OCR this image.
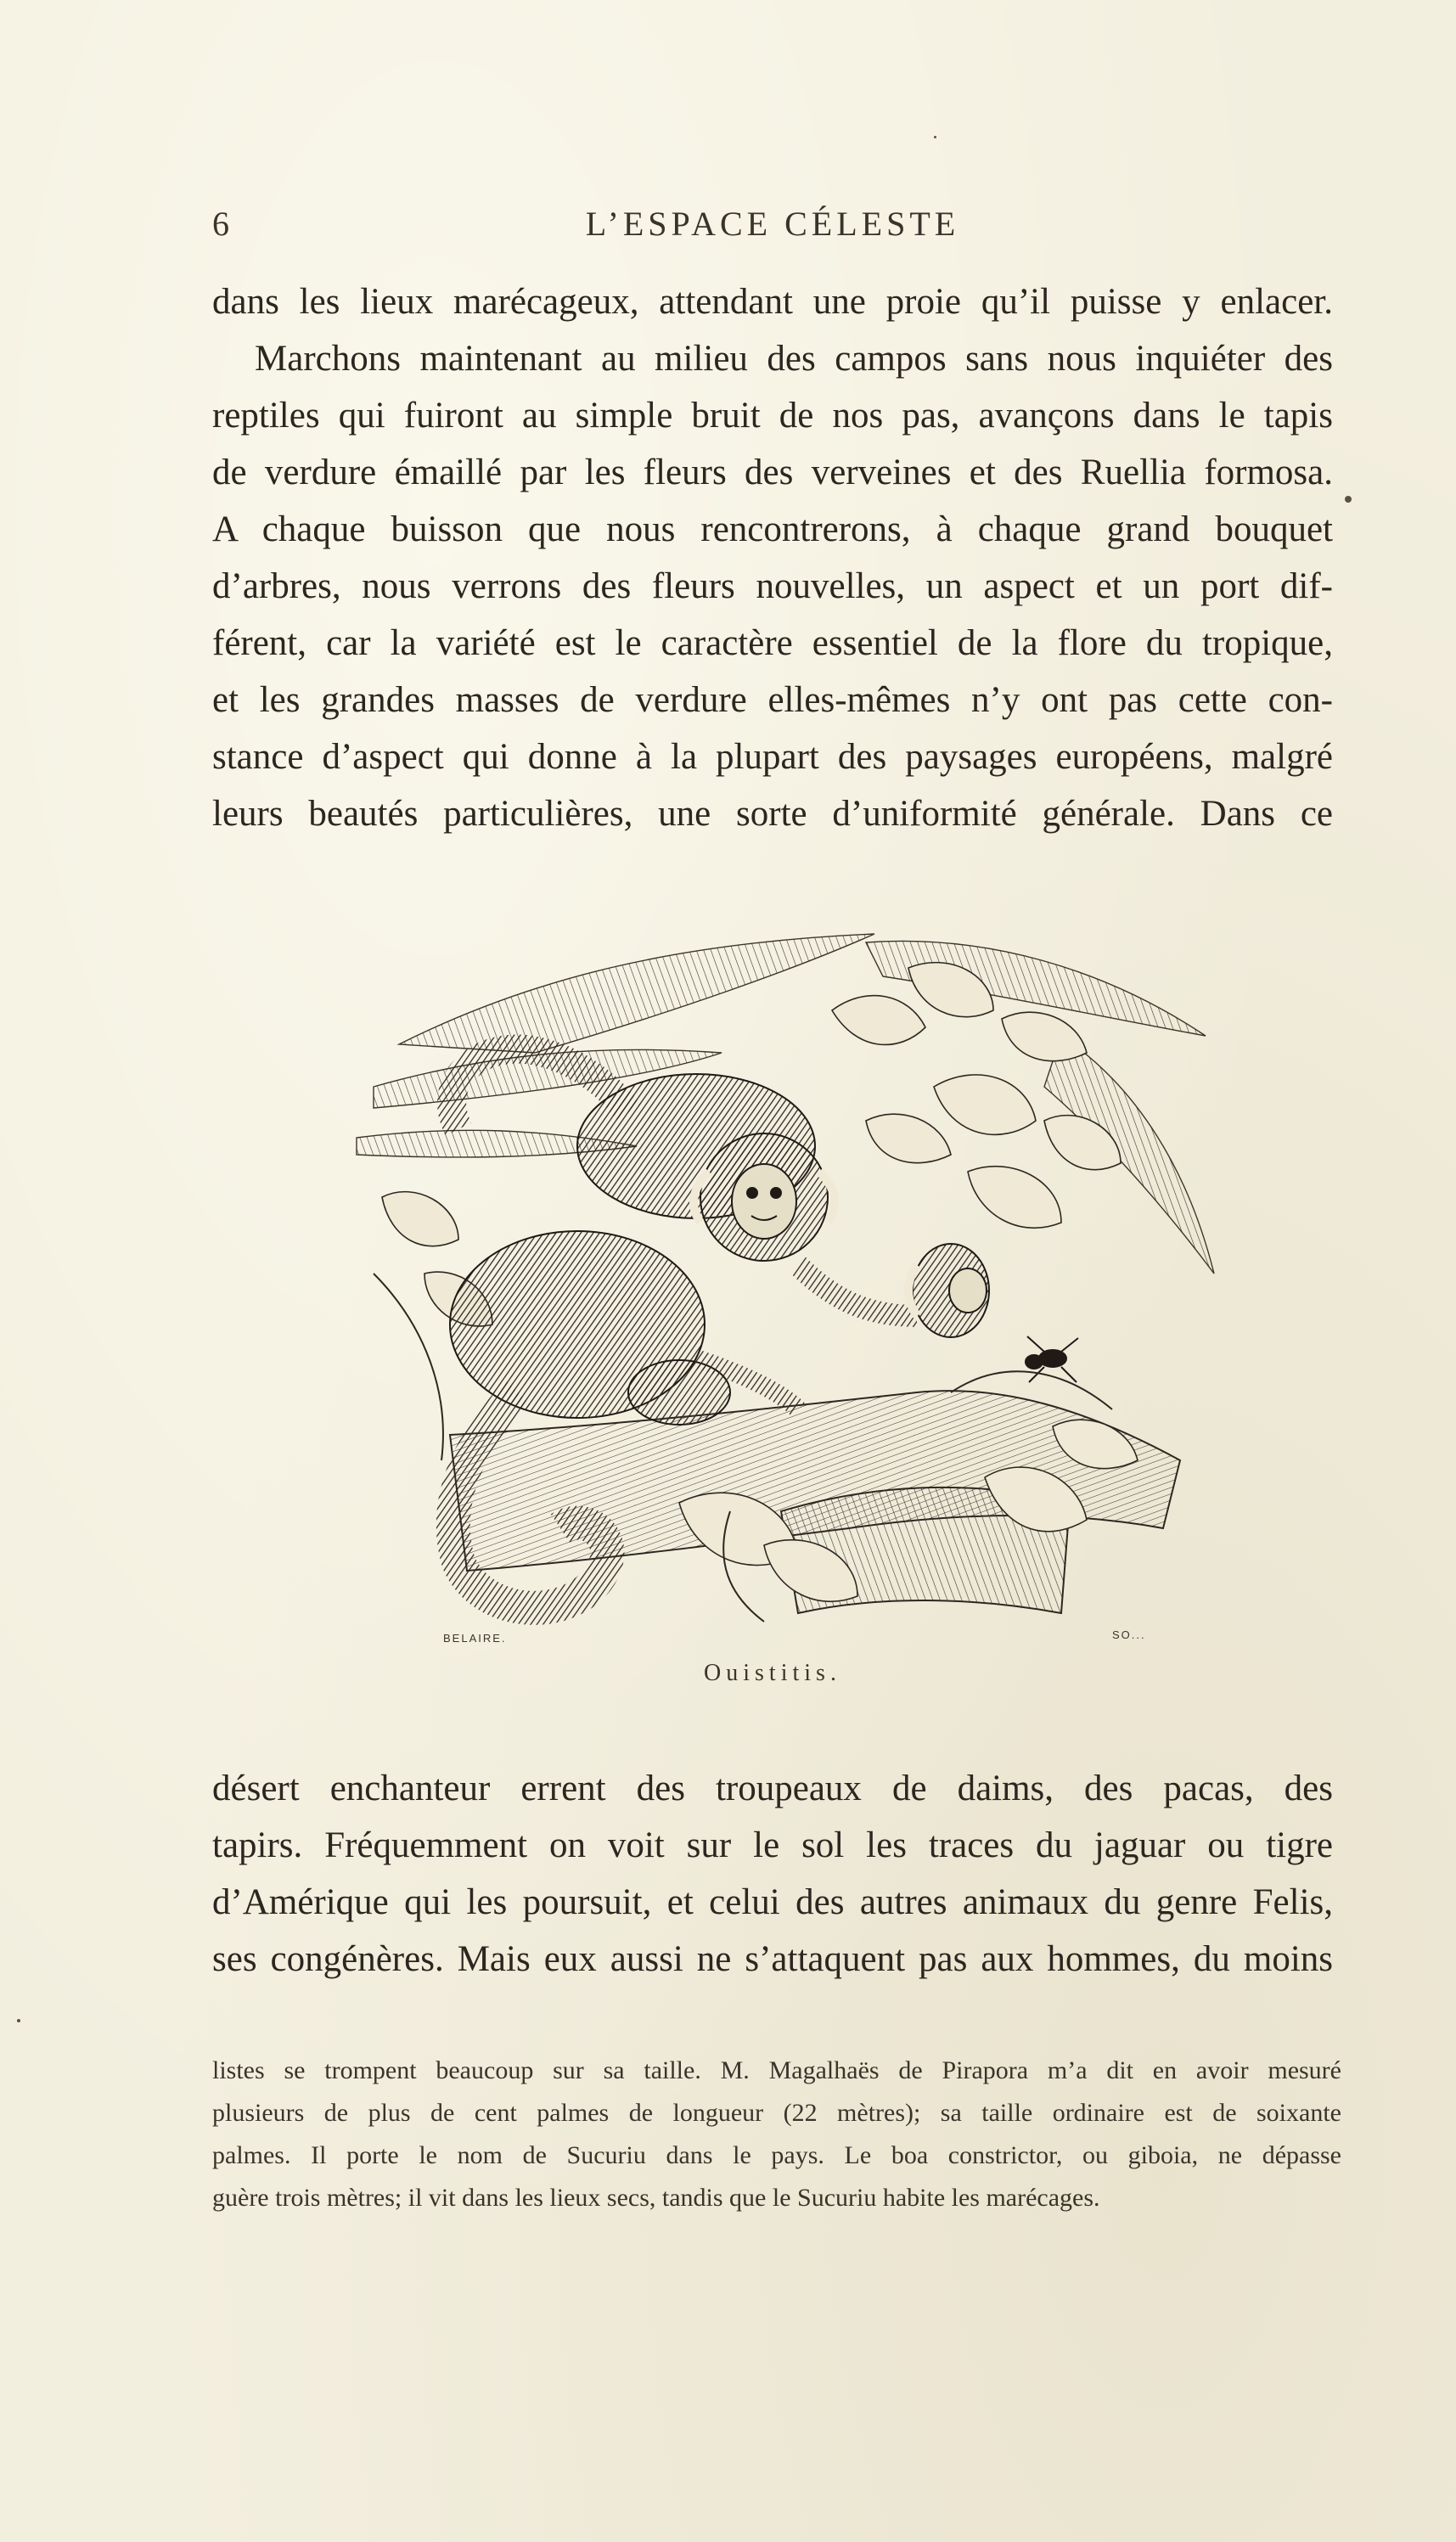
6	L’ESPACE CÉLESTE
dans les lieux marécageux, attendant une proie qu’il puisse y enlacer.
Marchons maintenant au milieu des campos sans nous inquiéter des
reptiles qui fuiront au simple bruit de nos pas, avançons dans le tapis
de verdure émaillé par les fleurs des verveines et des Ruellia formosa.
A chaque buisson que nous rencontrerons, à chaque grand bouquet
d’arbres, nous verrons des fleurs nouvelles, un aspect et un port dif-
férent, car la variété est le caractère essentiel de la flore du tropique,
et les grandes masses de verdure elles-mêmes n’y ont pas cette con-
stance d’aspect qui donne à la plupart des paysages européens, malgré
leurs beautés particulières, une sorte d’uniformité générale. Dans ce
BELAIRE.	SO...
Ouistitis.
désert enchanteur errent des troupeaux de daims, des pacas, des
tapirs. Fréquemment on voit sur le sol les traces du jaguar ou tigre
d’Amérique qui les poursuit, et celui des autres animaux du genre Felis,
ses congénères. Mais eux aussi ne s’attaquent pas aux hommes, du moins
listes se trompent beaucoup sur sa taille. M. Magalhaës de Pirapora m’a dit en avoir mesuré
plusieurs de plus de cent palmes de longueur (22 mètres); sa taille ordinaire est de soixante
palmes. Il porte le nom de Sucuriu dans le pays. Le boa constrictor, ou giboia, ne dépasse
guère trois mètres; il vit dans les lieux secs, tandis que le Sucuriu habite les marécages.
